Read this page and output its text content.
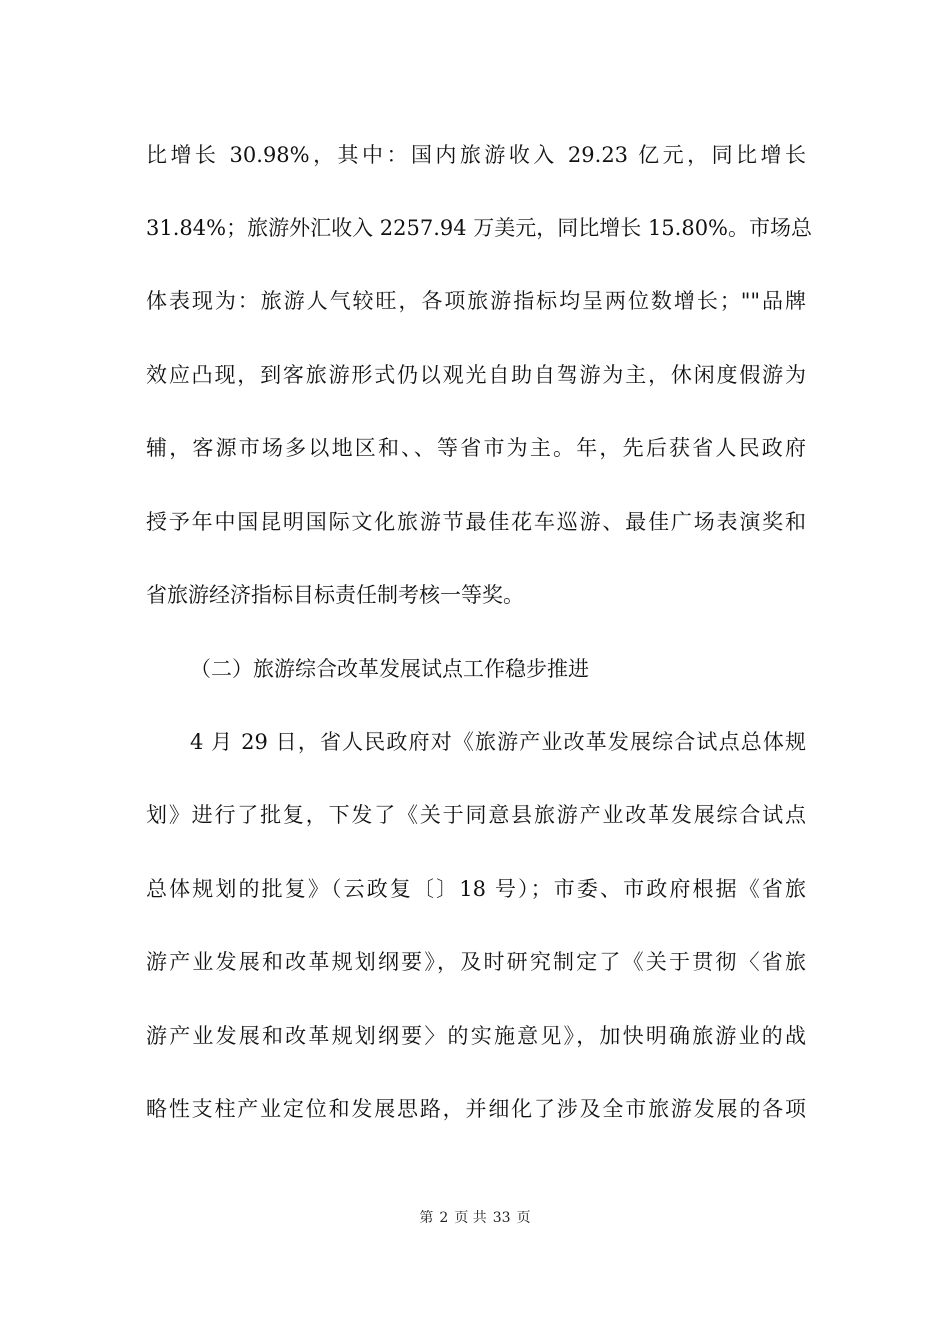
比增长 30.98%，其中：国内旅游收入 29.23 亿元，同比增长
31.84%；旅游外汇收入 2257.94 万美元，同比增长 15.80%。市场总
体表现为：旅游人气较旺，各项旅游指标均呈两位数增长；""品牌
效应凸现，到客旅游形式仍以观光自助自驾游为主，休闲度假游为
辅，客源市场多以地区和、、等省市为主。年，先后获省人民政府
授予年中国昆明国际文化旅游节最佳花车巡游、最佳广场表演奖和
省旅游经济指标目标责任制考核一等奖。
（二）旅游综合改革发展试点工作稳步推进
4 月 29 日，省人民政府对《旅游产业改革发展综合试点总体规
划》进行了批复，下发了《关于同意县旅游产业改革发展综合试点
总体规划的批复》（云政复〔〕18 号）；市委、市政府根据《省旅
游产业发展和改革规划纲要》，及时研究制定了《关于贯彻〈省旅
游产业发展和改革规划纲要〉的实施意见》，加快明确旅游业的战
略性支柱产业定位和发展思路，并细化了涉及全市旅游发展的各项
第 2 页 共 33 页
